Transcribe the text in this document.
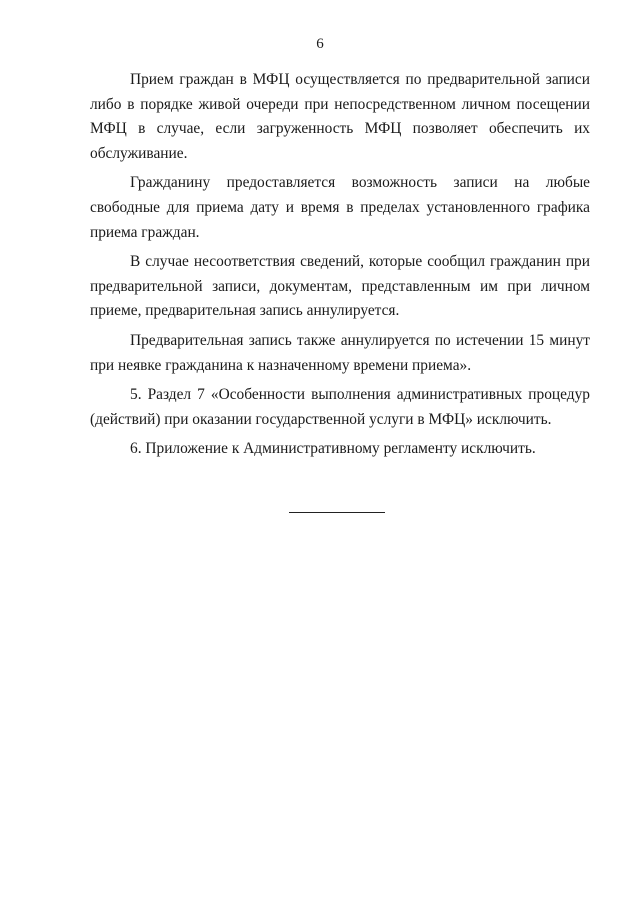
6

Прием граждан в МФЦ осуществляется по предварительной записи либо в порядке живой очереди при непосредственном личном посещении МФЦ в случае, если загруженность МФЦ позволяет обеспечить их обслуживание.

Гражданину предоставляется возможность записи на любые свободные для приема дату и время в пределах установленного графика приема граждан.

В случае несоответствия сведений, которые сообщил гражданин при предварительной записи, документам, представленным им при личном приеме, предварительная запись аннулируется.

Предварительная запись также аннулируется по истечении 15 минут при неявке гражданина к назначенному времени приема».

5. Раздел 7 «Особенности выполнения административных процедур (действий) при оказании государственной услуги в МФЦ» исключить.

6. Приложение к Административному регламенту исключить.
